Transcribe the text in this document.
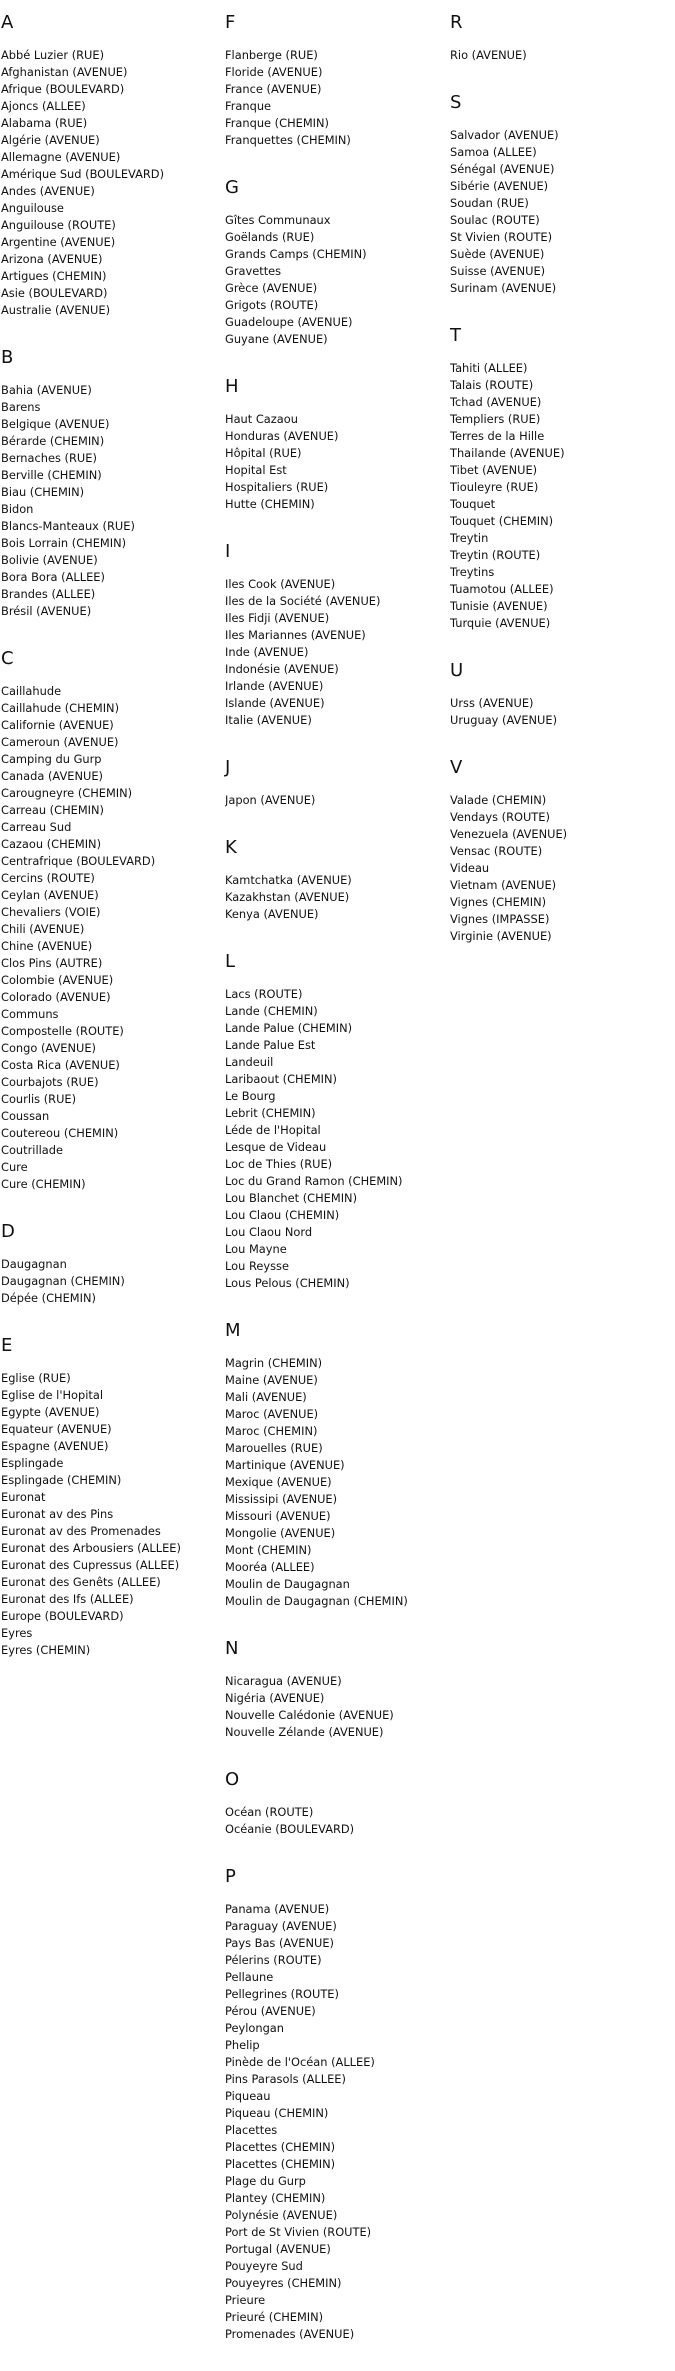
A
Abbé Luzier (RUE)
Afghanistan (AVENUE)
Afrique (BOULEVARD)
Ajoncs (ALLEE)
Alabama (RUE)
Algérie (AVENUE)
Allemagne (AVENUE)
Amérique Sud (BOULEVARD)
Andes (AVENUE)
Anguilouse
Anguilouse (ROUTE)
Argentine (AVENUE)
Arizona (AVENUE)
Artigues (CHEMIN)
Asie (BOULEVARD)
Australie (AVENUE)
B
Bahia (AVENUE)
Barens
Belgique (AVENUE)
Bérarde (CHEMIN)
Bernaches (RUE)
Berville (CHEMIN)
Biau (CHEMIN)
Bidon
Blancs-Manteaux (RUE)
Bois Lorrain (CHEMIN)
Bolivie (AVENUE)
Bora Bora (ALLEE)
Brandes (ALLEE)
Brésil (AVENUE)
C
Caillahude
Caillahude (CHEMIN)
Californie (AVENUE)
Cameroun (AVENUE)
Camping du Gurp
Canada (AVENUE)
Carougneyre (CHEMIN)
Carreau (CHEMIN)
Carreau Sud
Cazaou (CHEMIN)
Centrafrique (BOULEVARD)
Cercins (ROUTE)
Ceylan (AVENUE)
Chevaliers (VOIE)
Chili (AVENUE)
Chine (AVENUE)
Clos Pins (AUTRE)
Colombie (AVENUE)
Colorado (AVENUE)
Communs
Compostelle (ROUTE)
Congo (AVENUE)
Costa Rica (AVENUE)
Courbajots (RUE)
Courlis (RUE)
Coussan
Coutereou (CHEMIN)
Coutrillade
Cure
Cure (CHEMIN)
D
Daugagnan
Daugagnan (CHEMIN)
Dépée (CHEMIN)
E
Eglise (RUE)
Eglise de l'Hopital
Egypte (AVENUE)
Equateur (AVENUE)
Espagne (AVENUE)
Esplingade
Esplingade (CHEMIN)
Euronat
Euronat av des Pins
Euronat av des Promenades
Euronat des Arbousiers (ALLEE)
Euronat des Cupressus (ALLEE)
Euronat des Genêts (ALLEE)
Euronat des Ifs (ALLEE)
Europe (BOULEVARD)
Eyres
Eyres (CHEMIN)
F
Flanberge (RUE)
Floride (AVENUE)
France (AVENUE)
Franque
Franque (CHEMIN)
Franquettes (CHEMIN)
G
Gîtes Communaux
Goëlands (RUE)
Grands Camps (CHEMIN)
Gravettes
Grèce (AVENUE)
Grigots (ROUTE)
Guadeloupe (AVENUE)
Guyane (AVENUE)
H
Haut Cazaou
Honduras (AVENUE)
Hôpital (RUE)
Hopital Est
Hospitaliers (RUE)
Hutte (CHEMIN)
I
Iles Cook (AVENUE)
Iles de la Société (AVENUE)
Iles Fidji (AVENUE)
Iles Mariannes (AVENUE)
Inde (AVENUE)
Indonésie (AVENUE)
Irlande (AVENUE)
Islande (AVENUE)
Italie (AVENUE)
J
Japon (AVENUE)
K
Kamtchatka (AVENUE)
Kazakhstan (AVENUE)
Kenya (AVENUE)
L
Lacs (ROUTE)
Lande (CHEMIN)
Lande Palue (CHEMIN)
Lande Palue Est
Landeuil
Laribaout (CHEMIN)
Le Bourg
Lebrit (CHEMIN)
Léde de l'Hopital
Lesque de Videau
Loc de Thies (RUE)
Loc du Grand Ramon (CHEMIN)
Lou Blanchet (CHEMIN)
Lou Claou (CHEMIN)
Lou Claou Nord
Lou Mayne
Lou Reysse
Lous Pelous (CHEMIN)
M
Magrin (CHEMIN)
Maine (AVENUE)
Mali (AVENUE)
Maroc (AVENUE)
Maroc (CHEMIN)
Marouelles (RUE)
Martinique (AVENUE)
Mexique (AVENUE)
Mississipi (AVENUE)
Missouri (AVENUE)
Mongolie (AVENUE)
Mont (CHEMIN)
Mooréa (ALLEE)
Moulin de Daugagnan
Moulin de Daugagnan (CHEMIN)
N
Nicaragua (AVENUE)
Nigéria (AVENUE)
Nouvelle Calédonie (AVENUE)
Nouvelle Zélande (AVENUE)
O
Océan (ROUTE)
Océanie (BOULEVARD)
P
Panama (AVENUE)
Paraguay (AVENUE)
Pays Bas (AVENUE)
Pélerins (ROUTE)
Pellaune
Pellegrines (ROUTE)
Pérou (AVENUE)
Peylongan
Phelip
Pinède de l'Océan (ALLEE)
Pins Parasols (ALLEE)
Piqueau
Piqueau (CHEMIN)
Placettes
Placettes (CHEMIN)
Placettes (CHEMIN)
Plage du Gurp
Plantey (CHEMIN)
Polynésie (AVENUE)
Port de St Vivien (ROUTE)
Portugal (AVENUE)
Pouyeyre Sud
Pouyeyres (CHEMIN)
Prieure
Prieuré (CHEMIN)
Promenades (AVENUE)
R
Rio (AVENUE)
S
Salvador (AVENUE)
Samoa (ALLEE)
Sénégal (AVENUE)
Sibérie (AVENUE)
Soudan (RUE)
Soulac (ROUTE)
St Vivien (ROUTE)
Suède (AVENUE)
Suisse (AVENUE)
Surinam (AVENUE)
T
Tahiti (ALLEE)
Talais (ROUTE)
Tchad (AVENUE)
Templiers (RUE)
Terres de la Hille
Thailande (AVENUE)
Tibet (AVENUE)
Tiouleyre (RUE)
Touquet
Touquet (CHEMIN)
Treytin
Treytin (ROUTE)
Treytins
Tuamotou (ALLEE)
Tunisie (AVENUE)
Turquie (AVENUE)
U
Urss (AVENUE)
Uruguay (AVENUE)
V
Valade (CHEMIN)
Vendays (ROUTE)
Venezuela (AVENUE)
Vensac (ROUTE)
Videau
Vietnam (AVENUE)
Vignes (CHEMIN)
Vignes (IMPASSE)
Virginie (AVENUE)
